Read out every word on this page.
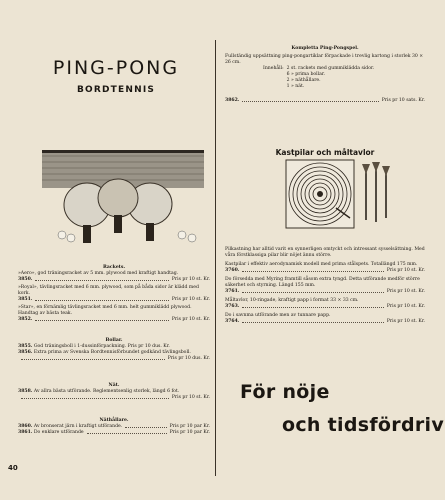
PING-PONG
BORDTENNIS
Rackets.
»Aero», god träningsracket av 5 mm. plywood med kraftigt handtag.
3850.	Pris pr 10 st. Kr.
»Royal», tävlingsracket med 6 mm. plywood, som på båda sidor är klädd med kork.
3851.	Pris pr 10 st. Kr.
»Star», en förnämlig tävlingsracket med 6 mm. helt gummiklädd plywood. Handtag av bästa teak.
3852.	Pris pr 10 st. Kr.
Bollar.
3855. God träningsboll i 1-dussinförpackning. Pris pr 10 dus. Kr.
3856. Extra prima av Svenska Bordtennisförbundet godkänd tävlingsboll.
Pris pr 10 dus. Kr.
Nät.
3858. Av allra bästa utförande. Reglementsenlig storlek, längd 6 fot.
Pris pr 10 st. Kr.
Näthållare.
3860. Av bronserat järn i kraftigt utförande.	Pris pr 10 par Kr.
3861. Do enklare utförande	Pris pr 10 par Kr.
Kompletta Ping-Pongspel.
Fullständig uppsättning ping-pongartiklar förpackade i trevlig kartong i storlek 30 × 26 cm.
Innehåll: 2 st. rackets med gummiklädda sidor.
6 » prima bollar.
2 » näthållare.
1 » nät.
3862.	Pris pr 10 sats. Kr.
Kastpilar och måltavlor
Pilkastning har alltid varit en synnerligen omtyckt och intressant sysselsättning. Med våra förstklassiga pilar blir nöjet ännu större.
Kastpilar i effektiv aerodynamisk modell med prima stålspets. Totallängd 175 mm.
3760.	Pris pr 10 st. Kr.
Do försedda med Myring framtill såsom extra tyngd. Detta utförande medför större säkerhet och styrning. Längd 155 mm.
3761.	Pris pr 10 st. Kr.
Måltavlor, 10-ringade, kraftigt papp i format 33 × 33 cm.
3763.	Pris pr 10 st. Kr.
Do i savnma utförande men av tunnare papp.
3764.	Pris pr 10 st. Kr.
För nöje
och tidsfördriv
40
